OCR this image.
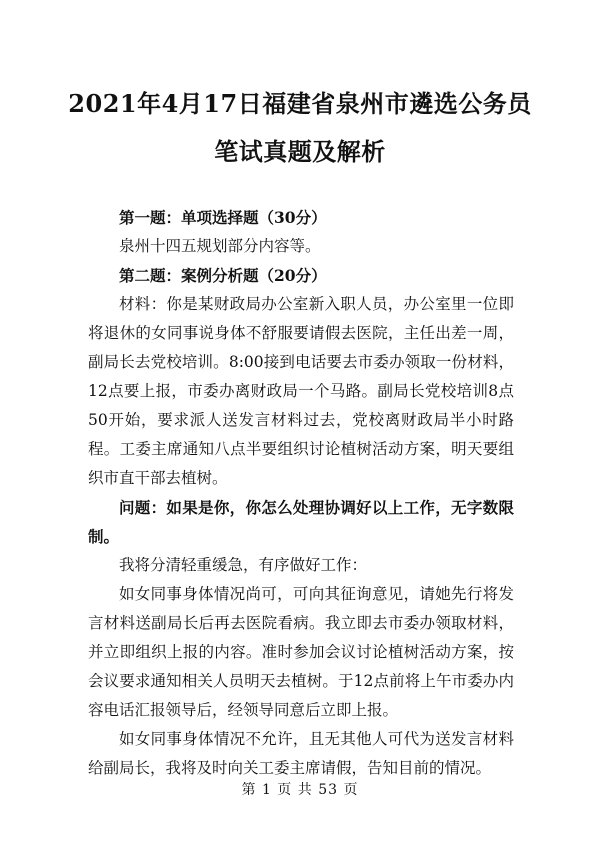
2021年4月17日福建省泉州市遴选公务员
笔试真题及解析

第一题：单项选择题（30分）

泉州十四五规划部分内容等。

第二题：案例分析题（20分）

材料：你是某财政局办公室新入职人员，办公室里一位即将退休的女同事说身体不舒服要请假去医院，主任出差一周，副局长去党校培训。8:00接到电话要去市委办领取一份材料，12点要上报，市委办离财政局一个马路。副局长党校培训8点50开始，要求派人送发言材料过去，党校离财政局半小时路程。工委主席通知八点半要组织讨论植树活动方案，明天要组织市直干部去植树。

问题：如果是你，你怎么处理协调好以上工作，无字数限制。

我将分清轻重缓急，有序做好工作：

如女同事身体情况尚可，可向其征询意见，请她先行将发言材料送副局长后再去医院看病。我立即去市委办领取材料，并立即组织上报的内容。准时参加会议讨论植树活动方案，按会议要求通知相关人员明天去植树。于12点前将上午市委办内容电话汇报领导后，经领导同意后立即上报。

如女同事身体情况不允许，且无其他人可代为送发言材料给副局长，我将及时向关工委主席请假，告知目前的情况。

第 1 页 共 53 页
